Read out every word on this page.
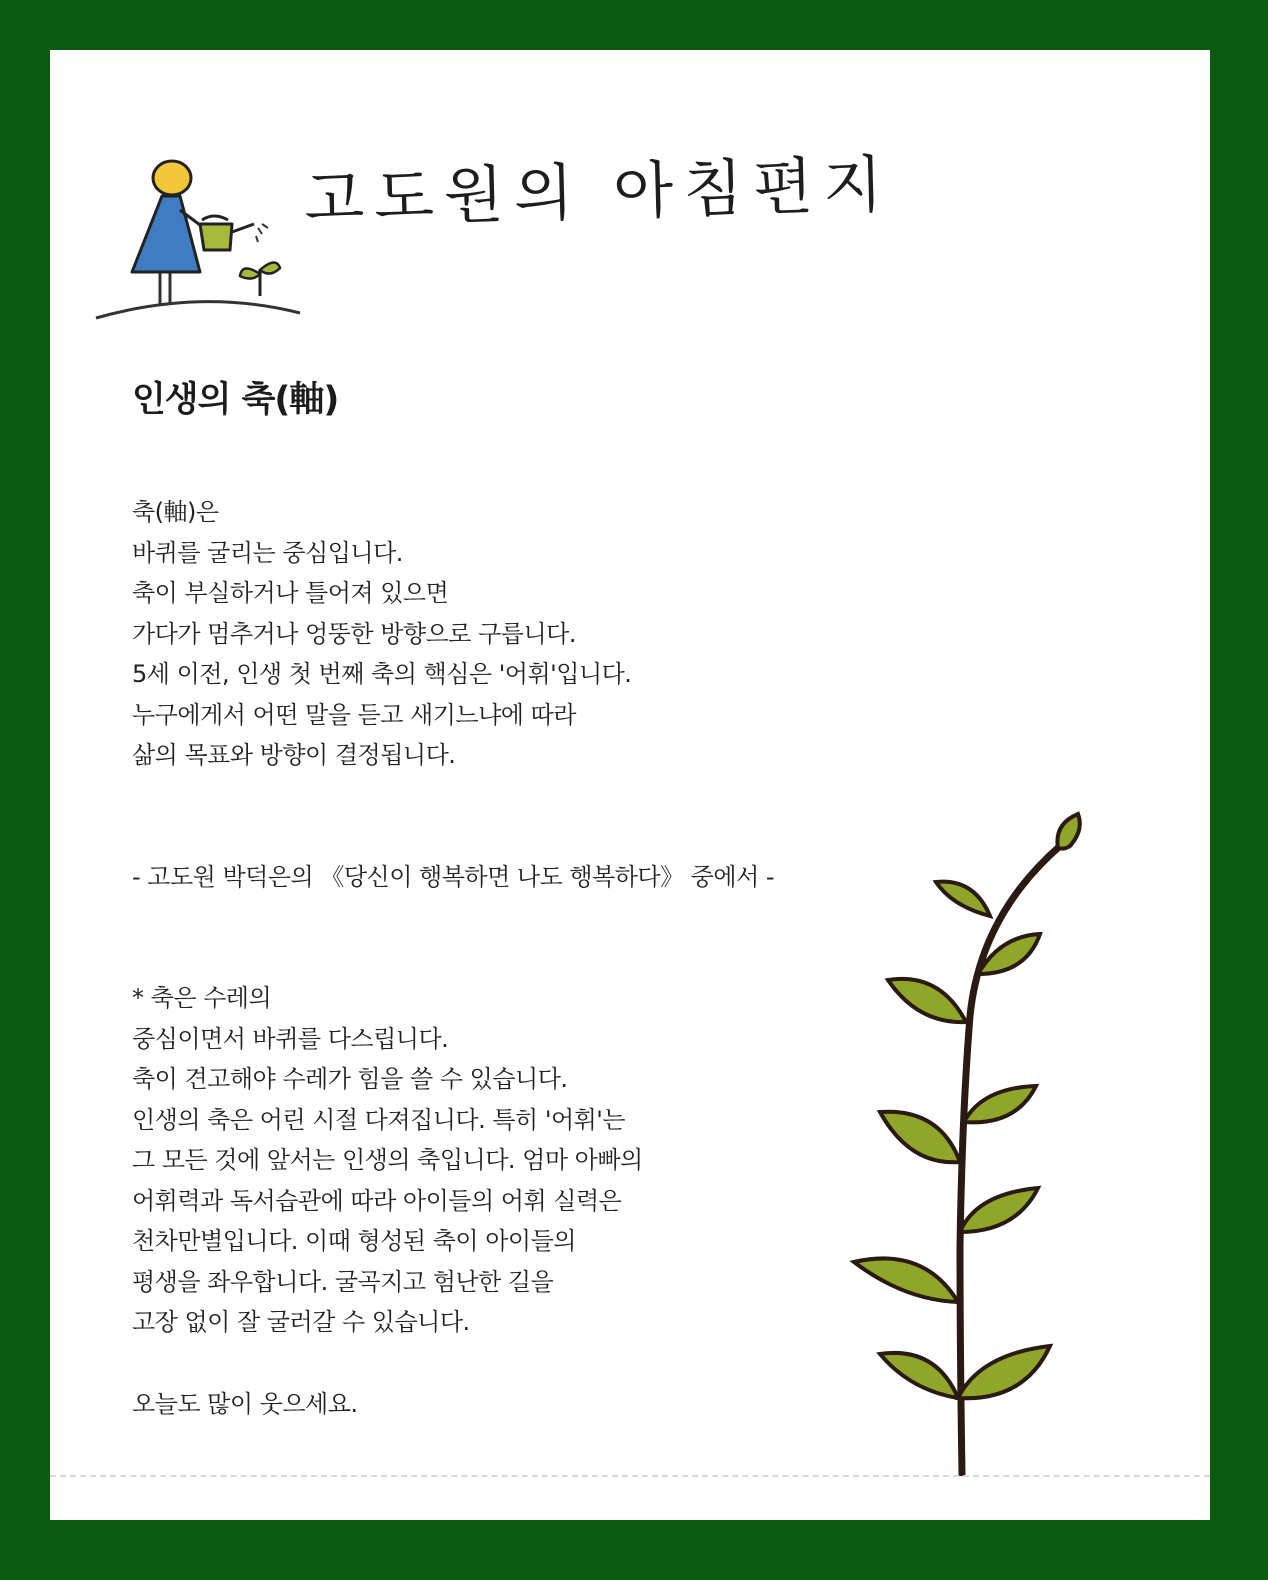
고도원의 아침편지
인생의 축(軸)

축(軸)은

바퀴를 굴리는 중심입니다.

축이 부실하거나 틀어져 있으면

가다가 멈추거나 엉뚱한 방향으로 구릅니다.

5세 이전, 인생 첫 번째 축의 핵심은 '어휘'입니다.

누구에게서 어떤 말을 듣고 새기느냐에 따라

삶의 목표와 방향이 결정됩니다.

- 고도원 박덕은의 《당신이 행복하면 나도 행복하다》 중에서 -

* 축은 수레의

중심이면서 바퀴를 다스립니다.

축이 견고해야 수레가 힘을 쓸 수 있습니다.

인생의 축은 어린 시절 다져집니다. 특히 '어휘'는

그 모든 것에 앞서는 인생의 축입니다. 엄마 아빠의

어휘력과 독서습관에 따라 아이들의 어휘 실력은

천차만별입니다. 이때 형성된 축이 아이들의

평생을 좌우합니다. 굴곡지고 험난한 길을

고장 없이 잘 굴러갈 수 있습니다.

오늘도 많이 웃으세요.
